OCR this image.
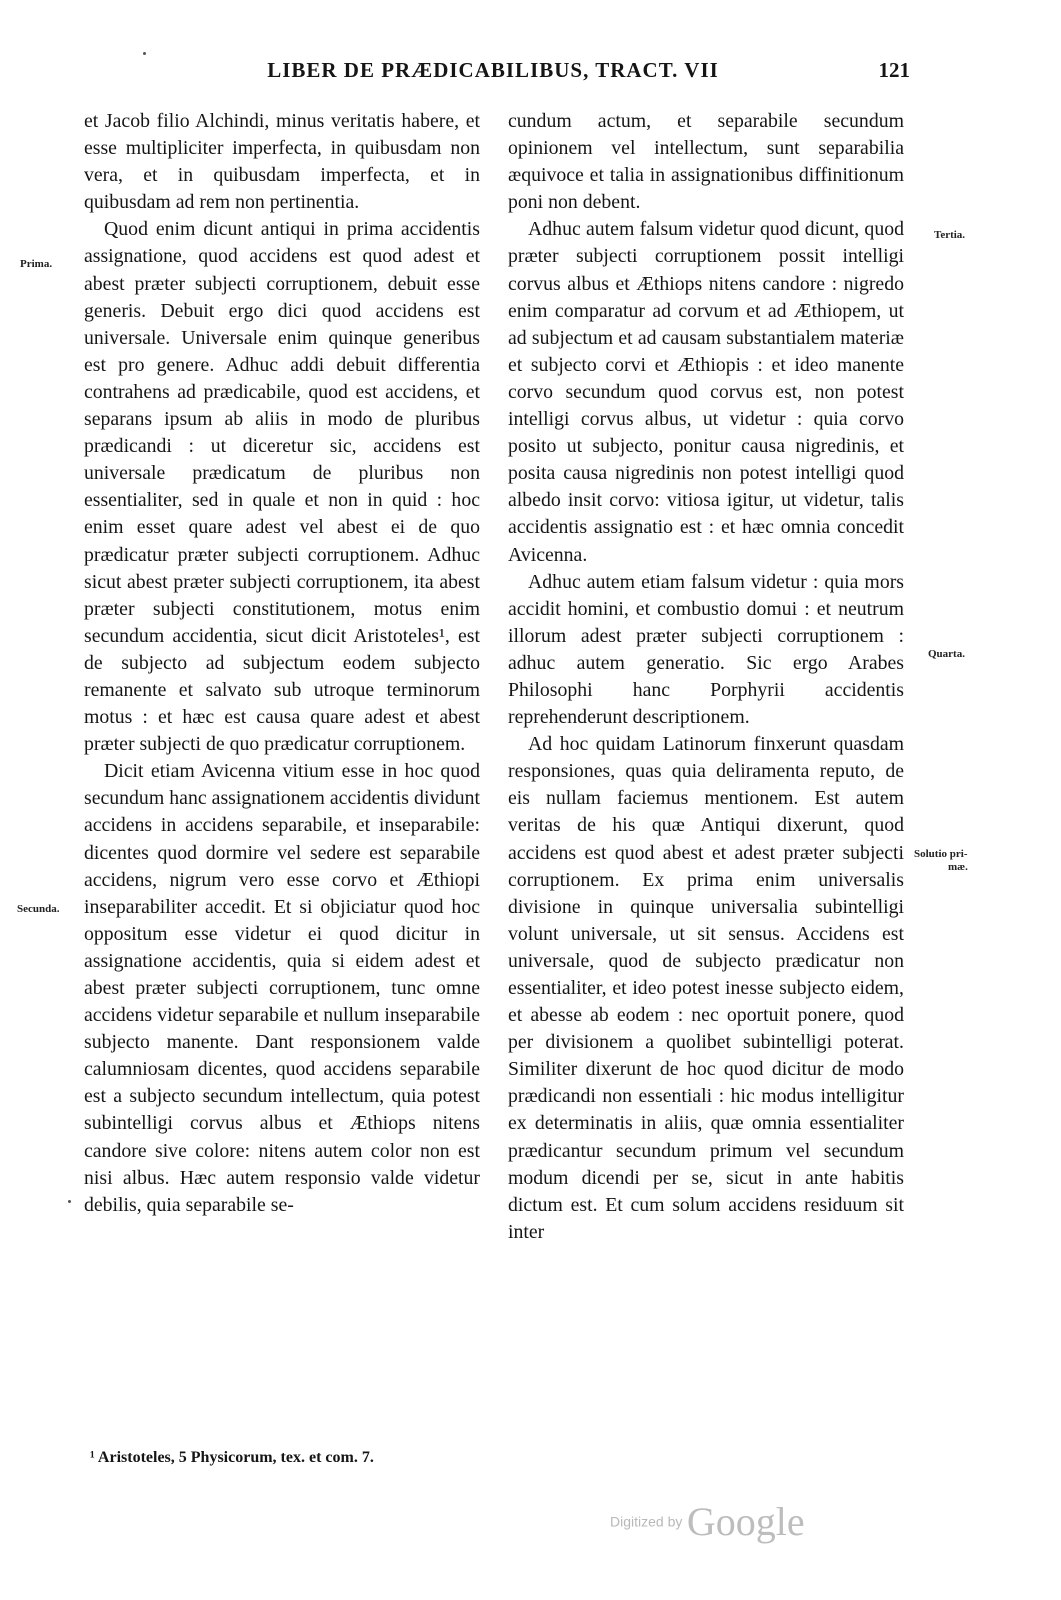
LIBER DE PRÆDICABILIBUS, TRACT. VII	121

et Jacob filio Alchindi, minus veritatis habere, et esse multipliciter imperfecta, in quibusdam non vera, et in quibusdam imperfecta, et in quibusdam ad rem non pertinentia.

Quod enim dicunt antiqui in prima accidentis assignatione, quod accidens est quod adest et abest præter subjecti corruptionem, debuit esse generis. Debuit ergo dici quod accidens est universale. Universale enim quinque generibus est pro genere. Adhuc addi debuit differentia contrahens ad prædicabile, quod est accidens, et separans ipsum ab aliis in modo de pluribus prædicandi : ut diceretur sic, accidens est universale prædicatum de pluribus non essentialiter, sed in quale et non in quid : hoc enim esset quare adest vel abest ei de quo prædicatur præter subjecti corruptionem. Adhuc sicut abest præter subjecti corruptionem, ita abest præter subjecti constitutionem, motus enim secundum accidentia, sicut dicit Aristoteles¹, est de subjecto ad subjectum eodem subjecto remanente et salvato sub utroque terminorum motus : et hæc est causa quare adest et abest præter subjecti de quo prædicatur corruptionem.

Dicit etiam Avicenna vitium esse in hoc quod secundum hanc assignationem accidentis dividunt accidens in accidens separabile, et inseparabile: dicentes quod dormire vel sedere est separabile accidens, nigrum vero esse corvo et Æthiopi inseparabiliter accedit. Et si objiciatur quod hoc oppositum esse videtur ei quod dicitur in assignatione accidentis, quia si eidem adest et abest præter subjecti corruptionem, tunc omne accidens videtur separabile et nullum inseparabile subjecto manente. Dant responsionem valde calumniosam dicentes, quod accidens separabile est a subjecto secundum intellectum, quia potest subintelligi corvus albus et Æthiops nitens candore sive colore: nitens autem color non est nisi albus. Hæc autem responsio valde videtur debilis, quia separabile se-

cundum actum, et separabile secundum opinionem vel intellectum, sunt separabilia æquivoce et talia in assignationibus diffinitionum poni non debent.

Adhuc autem falsum videtur quod dicunt, quod præter subjecti corruptionem possit intelligi corvus albus et Æthiops nitens candore : nigredo enim comparatur ad corvum et ad Æthiopem, ut ad subjectum et ad causam substantialem materiæ et subjecto corvi et Æthiopis : et ideo manente corvo secundum quod corvus est, non potest intelligi corvus albus, ut videtur : quia corvo posito ut subjecto, ponitur causa nigredinis, et posita causa nigredinis non potest intelligi quod albedo insit corvo: vitiosa igitur, ut videtur, talis accidentis assignatio est : et hæc omnia concedit Avicenna.

Adhuc autem etiam falsum videtur : quia mors accidit homini, et combustio domui : et neutrum illorum adest præter subjecti corruptionem : adhuc autem generatio. Sic ergo Arabes Philosophi hanc Porphyrii accidentis reprehenderunt descriptionem.

Ad hoc quidam Latinorum finxerunt quasdam responsiones, quas quia deliramenta reputo, de eis nullam faciemus mentionem. Est autem veritas de his quæ Antiqui dixerunt, quod accidens est quod abest et adest præter subjecti corruptionem. Ex prima enim universalis divisione in quinque universalia subintelligi volunt universale, ut sit sensus. Accidens est universale, quod de subjecto prædicatur non essentialiter, et ideo potest inesse subjecto eidem, et abesse ab eodem : nec oportuit ponere, quod per divisionem a quolibet subintelligi poterat. Similiter dixerunt de hoc quod dicitur de modo prædicandi non essentiali : hic modus intelligitur ex determinatis in aliis, quæ omnia essentialiter prædicantur secundum primum vel secundum modum dicendi per se, sicut in ante habitis dictum est. Et cum solum accidens residuum sit inter

Prima.
Secunda.
Tertia.
Quarta.
Solutio pri-
mæ.
¹ Aristoteles, 5 Physicorum, tex. et com. 7.
Digitized by Google
